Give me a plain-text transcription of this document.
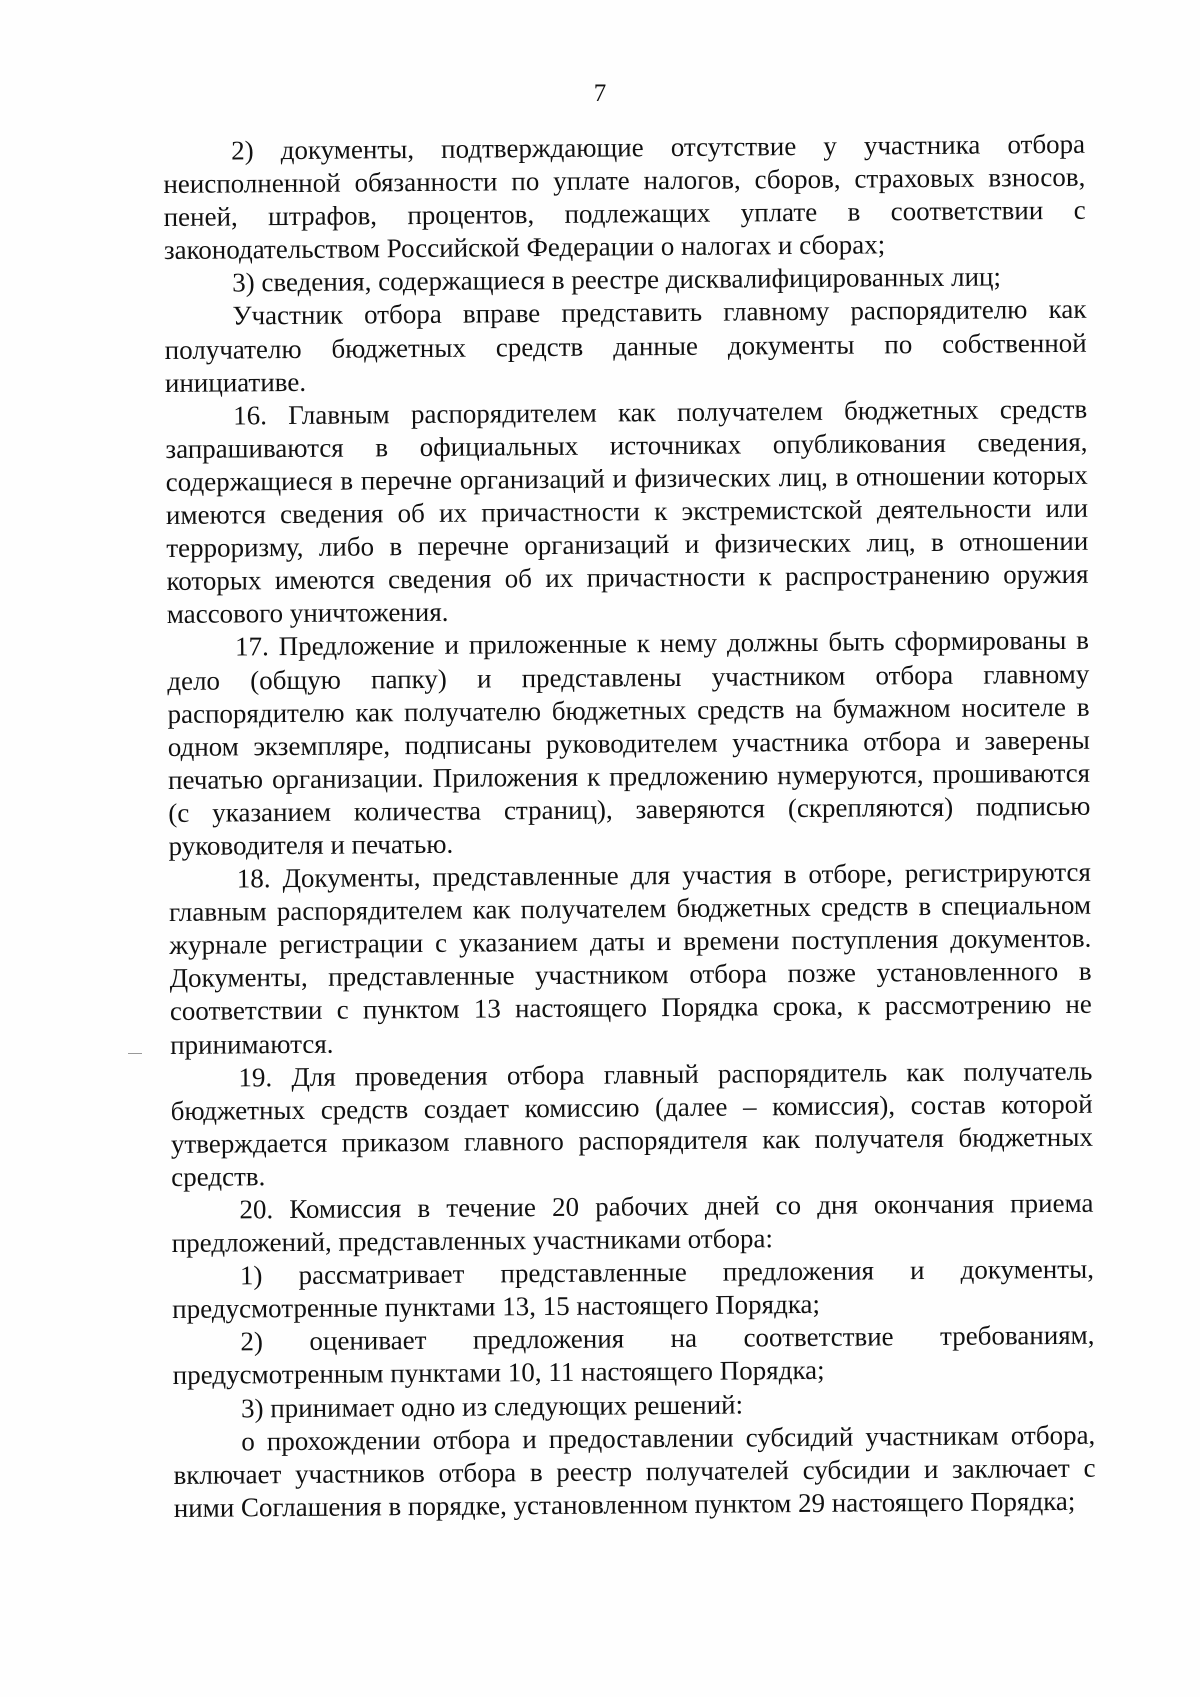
7

2) документы, подтверждающие отсутствие у участника отбора неисполненной обязанности по уплате налогов, сборов, страховых взносов, пеней, штрафов, процентов, подлежащих уплате в соответствии с законодательством Российской Федерации о налогах и сборах;

3) сведения, содержащиеся в реестре дисквалифицированных лиц;

Участник отбора вправе представить главному распорядителю как получателю бюджетных средств данные документы по собственной инициативе.

16. Главным распорядителем как получателем бюджетных средств запрашиваются в официальных источниках опубликования сведения, содержащиеся в перечне организаций и физических лиц, в отношении которых имеются сведения об их причастности к экстремистской деятельности или терроризму, либо в перечне организаций и физических лиц, в отношении которых имеются сведения об их причастности к распространению оружия массового уничтожения.

17. Предложение и приложенные к нему должны быть сформированы в дело (общую папку) и представлены участником отбора главному распорядителю как получателю бюджетных средств на бумажном носителе в одном экземпляре, подписаны руководителем участника отбора и заверены печатью организации. Приложения к предложению нумеруются, прошиваются (с указанием количества страниц), заверяются (скрепляются) подписью руководителя и печатью.

18. Документы, представленные для участия в отборе, регистрируются главным распорядителем как получателем бюджетных средств в специальном журнале регистрации с указанием даты и времени поступления документов. Документы, представленные участником отбора позже установленного в соответствии с пунктом 13 настоящего Порядка срока, к рассмотрению не принимаются.

19. Для проведения отбора главный распорядитель как получатель бюджетных средств создает комиссию (далее – комиссия), состав которой утверждается приказом главного распорядителя как получателя бюджетных средств.

20. Комиссия в течение 20 рабочих дней со дня окончания приема предложений, представленных участниками отбора:

1) рассматривает представленные предложения и документы, предусмотренные пунктами 13, 15 настоящего Порядка;

2) оценивает предложения на соответствие требованиям, предусмотренным пунктами 10, 11 настоящего Порядка;

3) принимает одно из следующих решений:

о прохождении отбора и предоставлении субсидий участникам отбора, включает участников отбора в реестр получателей субсидии и заключает с ними Соглашения в порядке, установленном пунктом 29 настоящего Порядка;
